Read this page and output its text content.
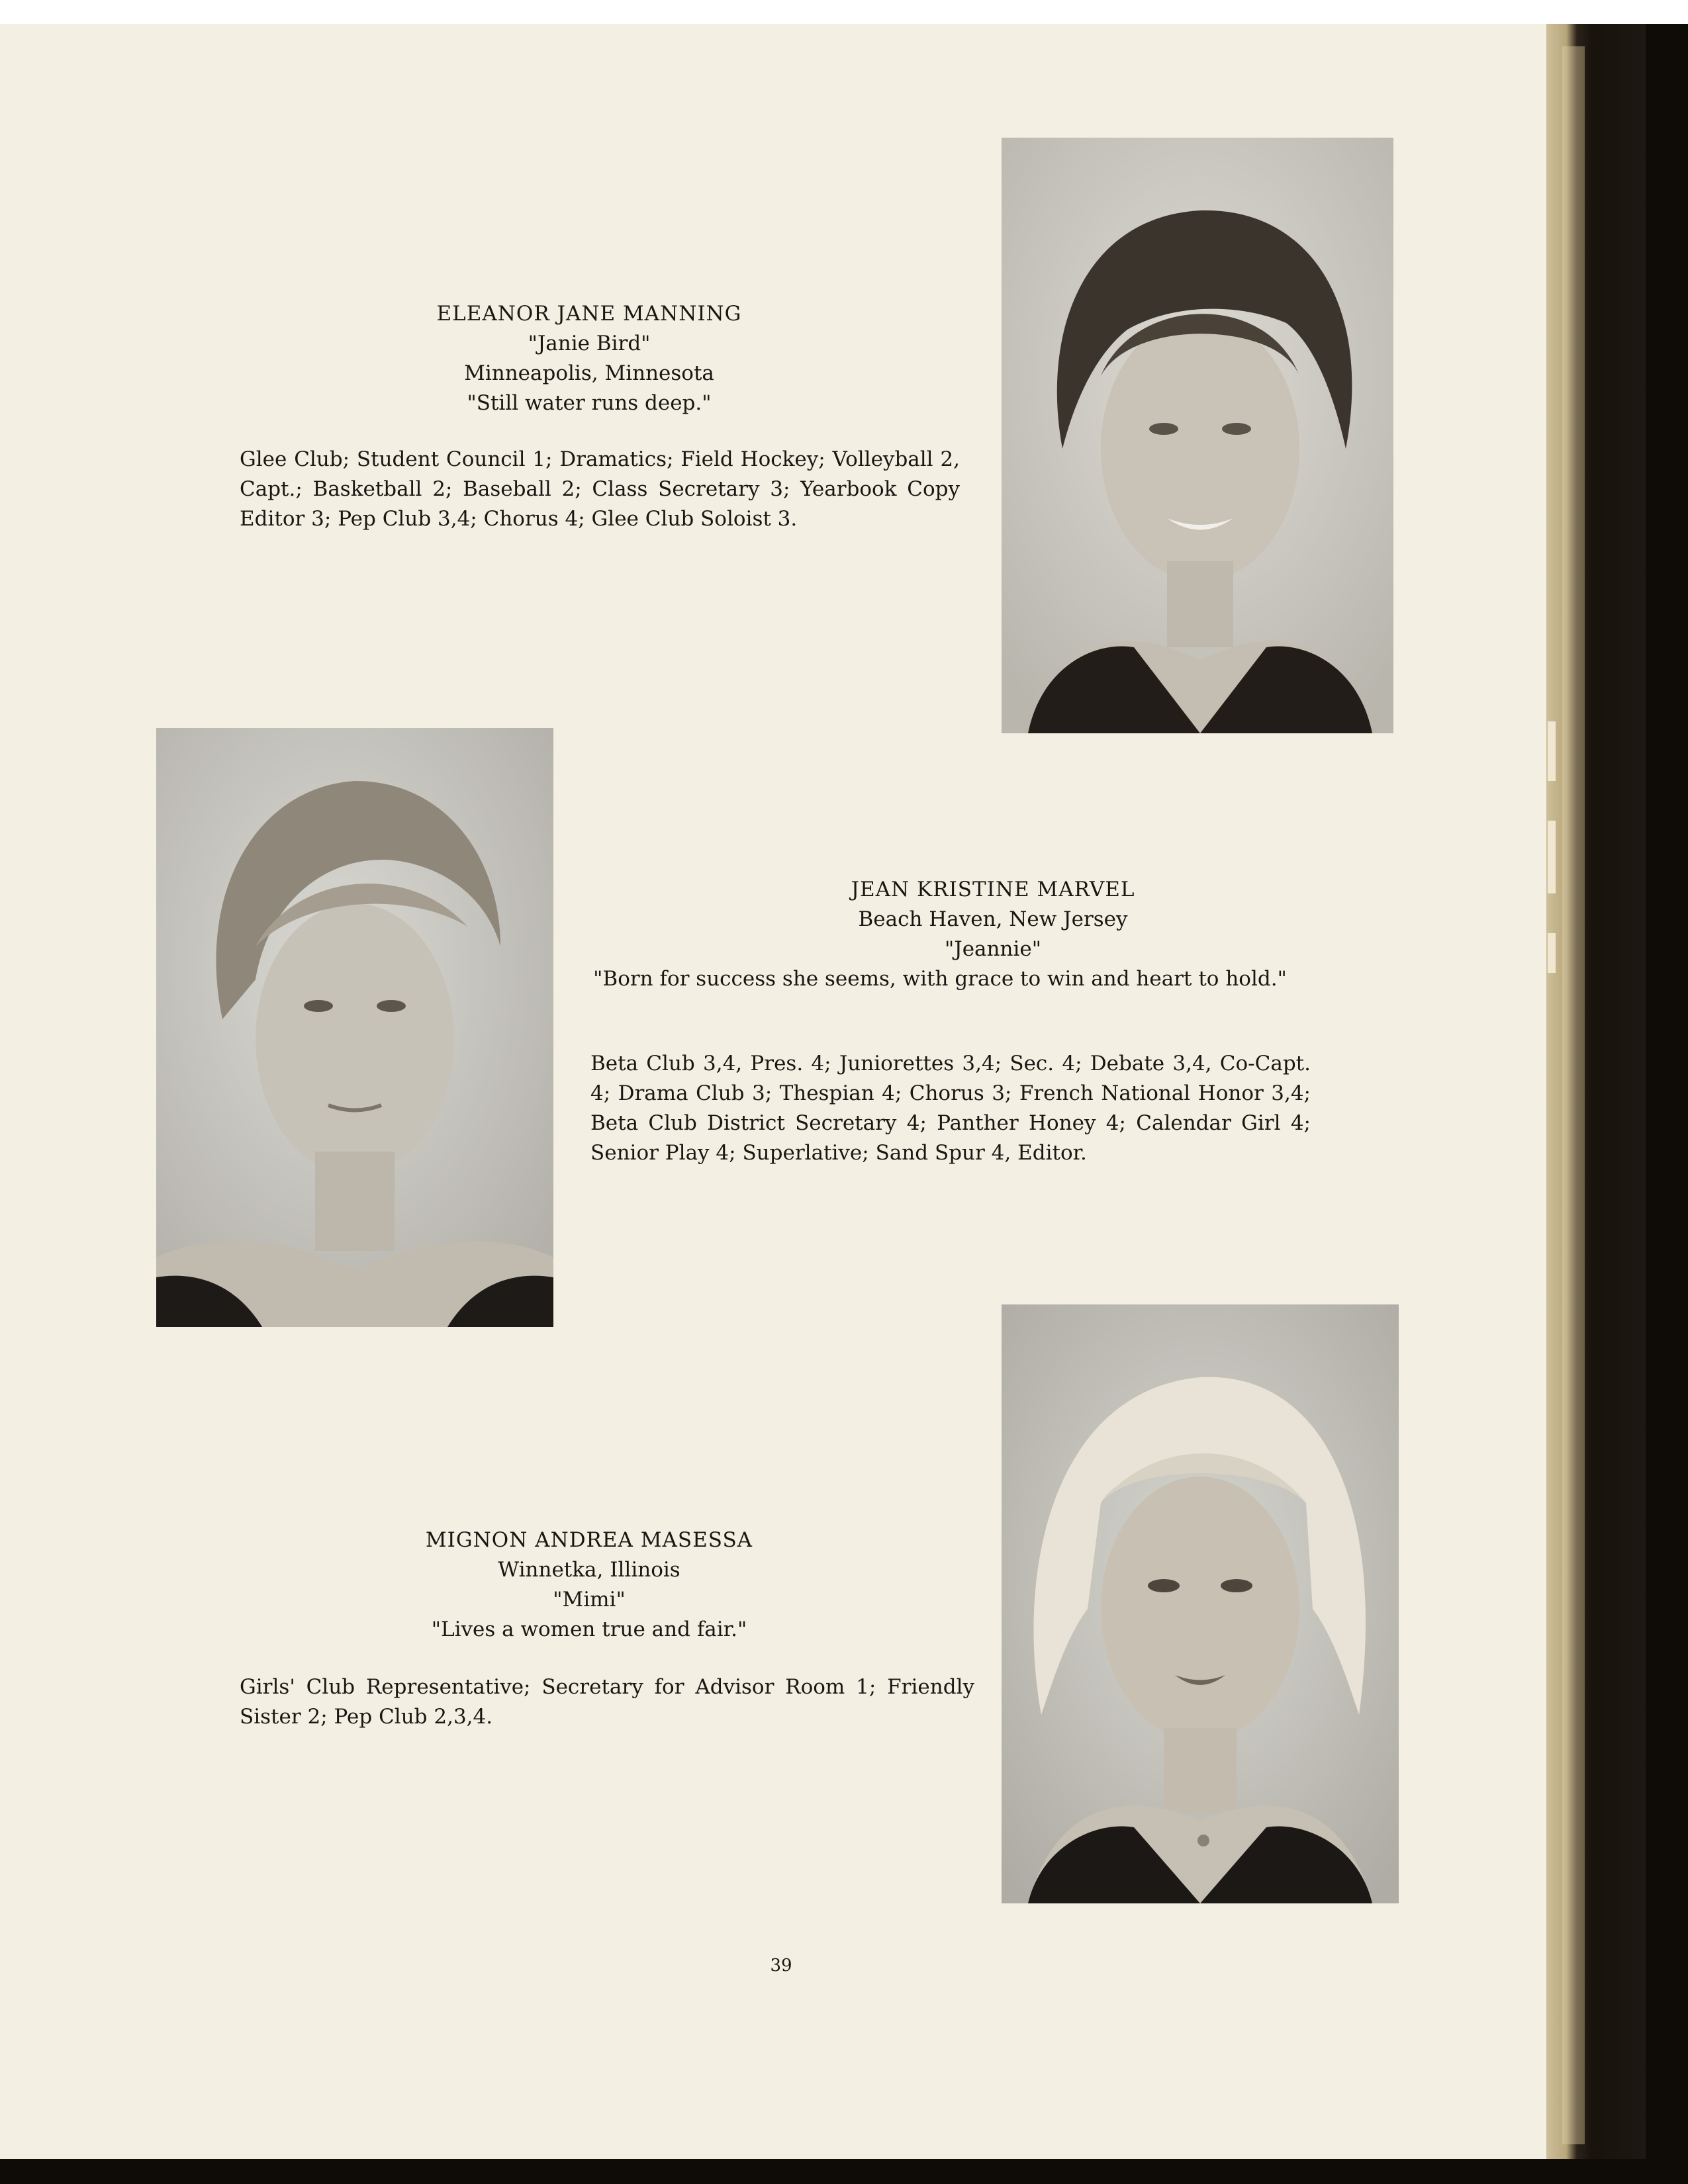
ELEANOR JANE MANNING
"Janie Bird"
Minneapolis, Minnesota
"Still water runs deep."
Glee Club; Student Council 1; Dramatics; Field Hockey; Volleyball 2, Capt.; Basketball 2; Baseball 2; Class Secretary 3; Yearbook Copy Editor 3; Pep Club 3,4; Chorus 4; Glee Club Soloist 3.
JEAN KRISTINE MARVEL
Beach Haven, New Jersey
"Jeannie"
"Born for success she seems, with grace to win and heart to hold."
Beta Club 3,4, Pres. 4; Juniorettes 3,4; Sec. 4; Debate 3,4, Co-Capt. 4; Drama Club 3; Thespian 4; Chorus 3; French National Honor 3,4; Beta Club District Secretary 4; Panther Honey 4; Calendar Girl 4; Senior Play 4; Superlative; Sand Spur 4, Editor.
MIGNON ANDREA MASESSA
Winnetka, Illinois
"Mimi"
"Lives a women true and fair."
Girls' Club Representative; Secretary for Advisor Room 1; Friendly Sister 2; Pep Club 2,3,4.
39
